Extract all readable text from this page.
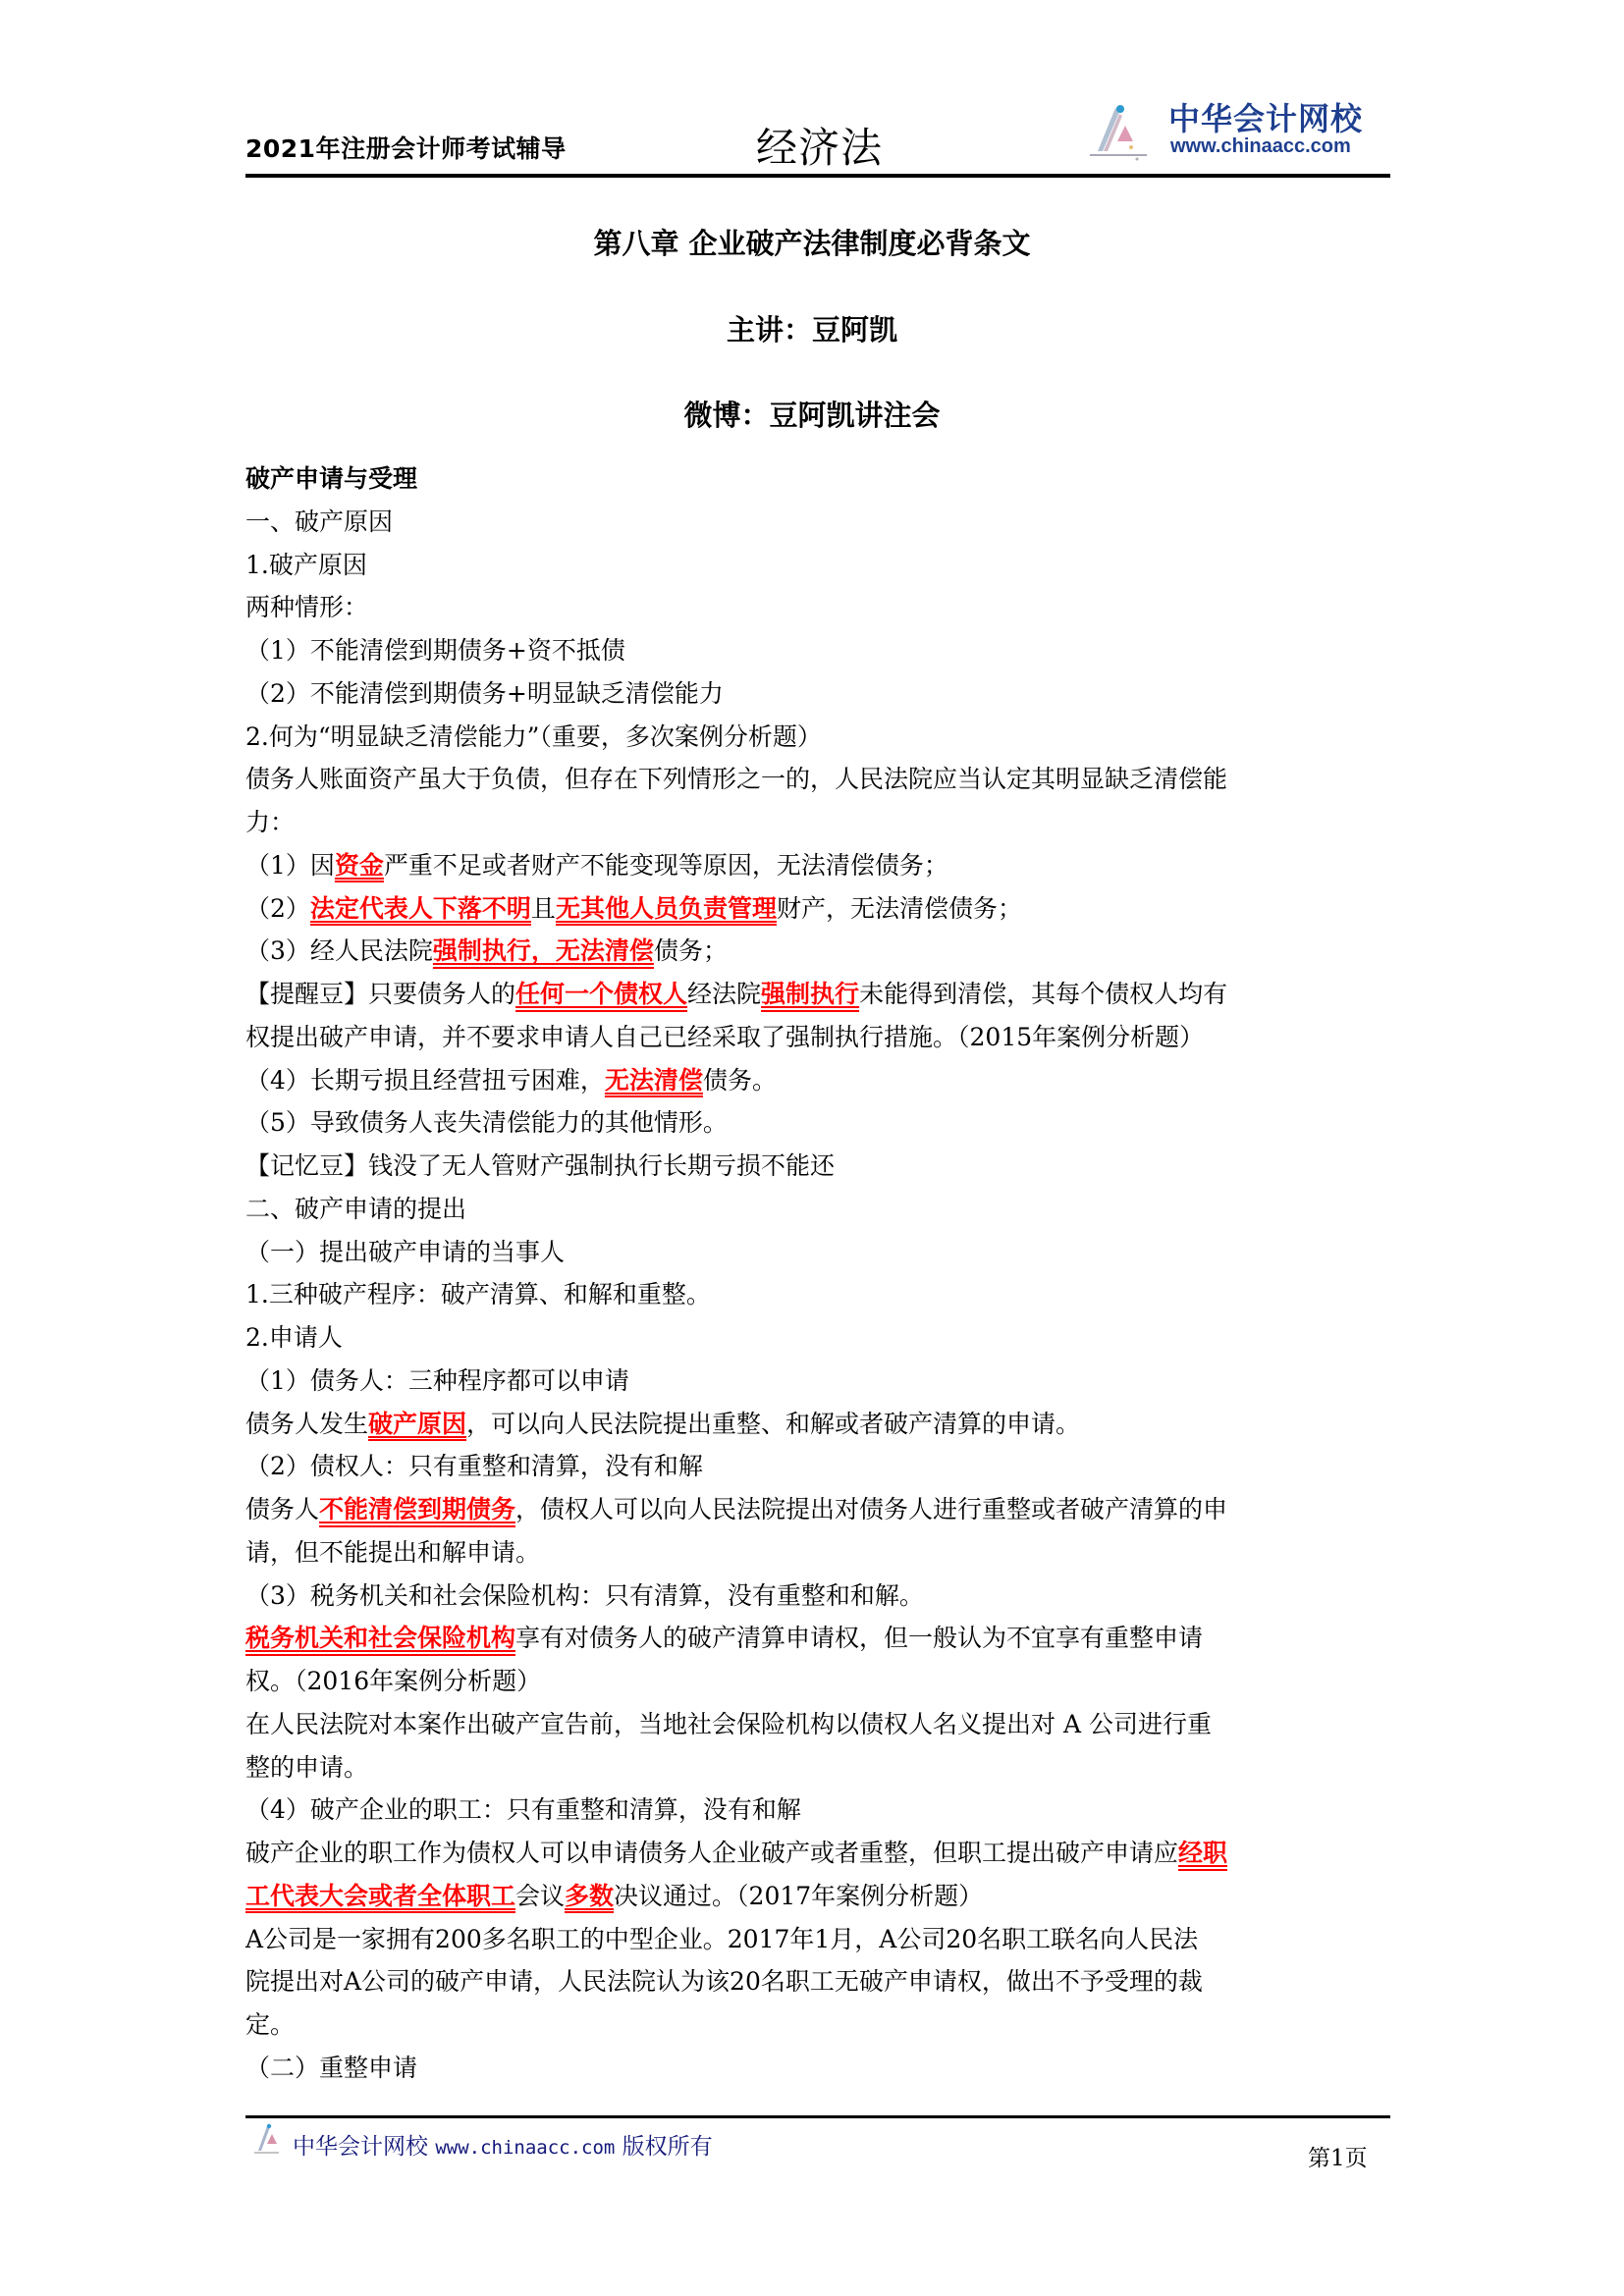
2021年注册会计师考试辅导	经济法
中华会计网校
www.chinaacc.com
第八章 企业破产法律制度必背条文
主讲：豆阿凯
微博：豆阿凯讲注会
破产申请与受理
一、破产原因
1.破产原因
两种情形：
（1）不能清偿到期债务+资不抵债
（2）不能清偿到期债务+明显缺乏清偿能力
2.何为“明显缺乏清偿能力”（重要，多次案例分析题）
债务人账面资产虽大于负债，但存在下列情形之一的，人民法院应当认定其明显缺乏清偿能
力：
（1）因资金严重不足或者财产不能变现等原因，无法清偿债务；
（2）法定代表人下落不明且无其他人员负责管理财产，无法清偿债务；
（3）经人民法院强制执行，无法清偿债务；
【提醒豆】只要债务人的任何一个债权人经法院强制执行未能得到清偿，其每个债权人均有
权提出破产申请，并不要求申请人自己已经采取了强制执行措施。（2015年案例分析题）
（4）长期亏损且经营扭亏困难，无法清偿债务。
（5）导致债务人丧失清偿能力的其他情形。
【记忆豆】钱没了无人管财产强制执行长期亏损不能还
二、破产申请的提出
（一）提出破产申请的当事人
1.三种破产程序：破产清算、和解和重整。
2.申请人
（1）债务人：三种程序都可以申请
债务人发生破产原因，可以向人民法院提出重整、和解或者破产清算的申请。
（2）债权人：只有重整和清算，没有和解
债务人不能清偿到期债务，债权人可以向人民法院提出对债务人进行重整或者破产清算的申
请，但不能提出和解申请。
（3）税务机关和社会保险机构：只有清算，没有重整和和解。
税务机关和社会保险机构享有对债务人的破产清算申请权，但一般认为不宜享有重整申请
权。（2016年案例分析题）
在人民法院对本案作出破产宣告前，当地社会保险机构以债权人名义提出对 A 公司进行重
整的申请。
（4）破产企业的职工：只有重整和清算，没有和解
破产企业的职工作为债权人可以申请债务人企业破产或者重整，但职工提出破产申请应经职
工代表大会或者全体职工会议多数决议通过。（2017年案例分析题）
A公司是一家拥有200多名职工的中型企业。2017年1月，A公司20名职工联名向人民法
院提出对A公司的破产申请，人民法院认为该20名职工无破产申请权，做出不予受理的裁
定。
（二）重整申请
中华会计网校 www.chinaacc.com 版权所有	第1页
